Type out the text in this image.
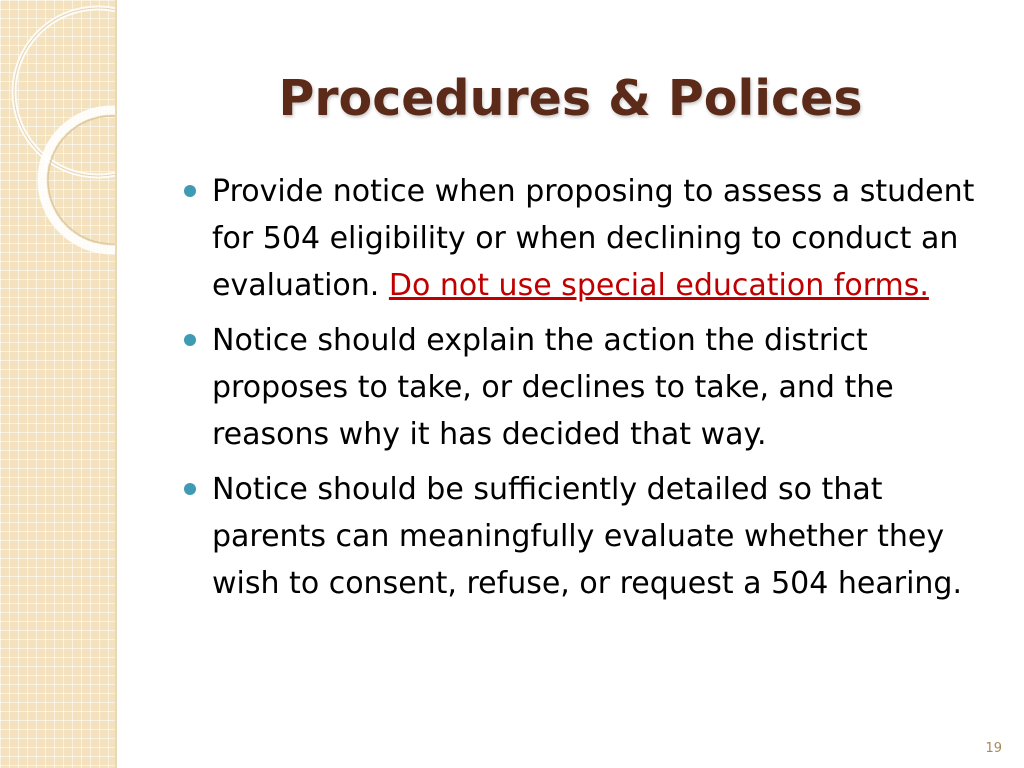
Procedures & Polices
Provide notice when proposing to assess a student for 504 eligibility or when declining to conduct an evaluation. Do not use special education forms.
Notice should explain the action the district proposes to take, or declines to take, and the reasons why it has decided that way.
Notice should be sufficiently detailed so that parents can meaningfully evaluate whether they wish to consent, refuse, or request a 504 hearing.
19
